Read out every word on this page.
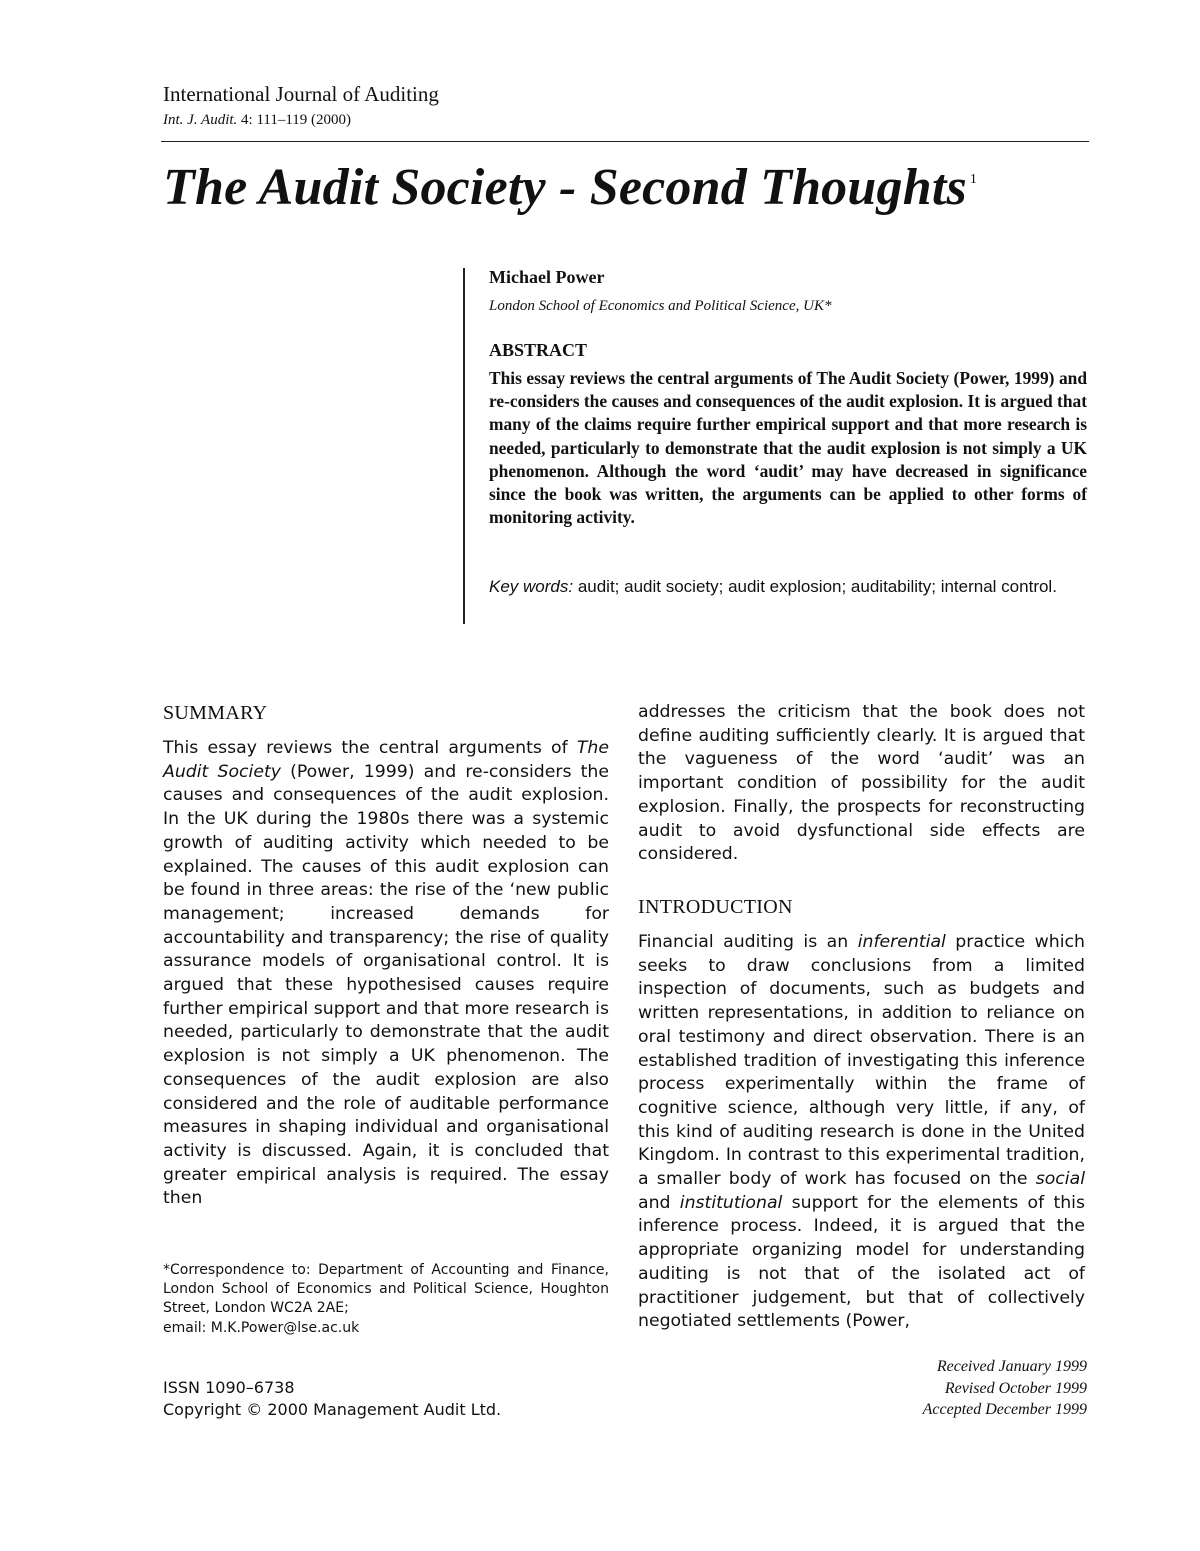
International Journal of Auditing
Int. J. Audit. 4: 111–119 (2000)
The Audit Society - Second Thoughts $^1$
Michael Power
London School of Economics and Political Science, UK*
ABSTRACT
This essay reviews the central arguments of The Audit Society (Power, 1999) and re-considers the causes and consequences of the audit explosion. It is argued that many of the claims require further empirical support and that more research is needed, particularly to demonstrate that the audit explosion is not simply a UK phenomenon. Although the word ‘audit’ may have decreased in significance since the book was written, the arguments can be applied to other forms of monitoring activity.
Key words: audit; audit society; audit explosion; auditability; internal control.
SUMMARY
This essay reviews the central arguments of The Audit Society (Power, 1999) and re-considers the causes and consequences of the audit explosion. In the UK during the 1980s there was a systemic growth of auditing activity which needed to be explained. The causes of this audit explosion can be found in three areas: the rise of the ‘new public management; increased demands for accountability and transparency; the rise of quality assurance models of organisational control. It is argued that these hypothesised causes require further empirical support and that more research is needed, particularly to demonstrate that the audit explosion is not simply a UK phenomenon. The consequences of the audit explosion are also considered and the role of auditable performance measures in shaping individual and organisational activity is discussed. Again, it is concluded that greater empirical analysis is required. The essay then
addresses the criticism that the book does not define auditing sufficiently clearly. It is argued that the vagueness of the word ‘audit’ was an important condition of possibility for the audit explosion. Finally, the prospects for reconstructing audit to avoid dysfunctional side effects are considered.
INTRODUCTION
Financial auditing is an inferential practice which seeks to draw conclusions from a limited inspection of documents, such as budgets and written representations, in addition to reliance on oral testimony and direct observation. There is an established tradition of investigating this inference process experimentally within the frame of cognitive science, although very little, if any, of this kind of auditing research is done in the United Kingdom. In contrast to this experimental tradition, a smaller body of work has focused on the social and institutional support for the elements of this inference process. Indeed, it is argued that the appropriate organizing model for understanding auditing is not that of the isolated act of practitioner judgement, but that of collectively negotiated settlements (Power,
*Correspondence to: Department of Accounting and Finance, London School of Economics and Political Science, Houghton Street, London WC2A 2AE;
email: M.K.Power@lse.ac.uk
ISSN 1090–6738
Copyright © 2000 Management Audit Ltd.
Received January 1999
Revised October 1999
Accepted December 1999
